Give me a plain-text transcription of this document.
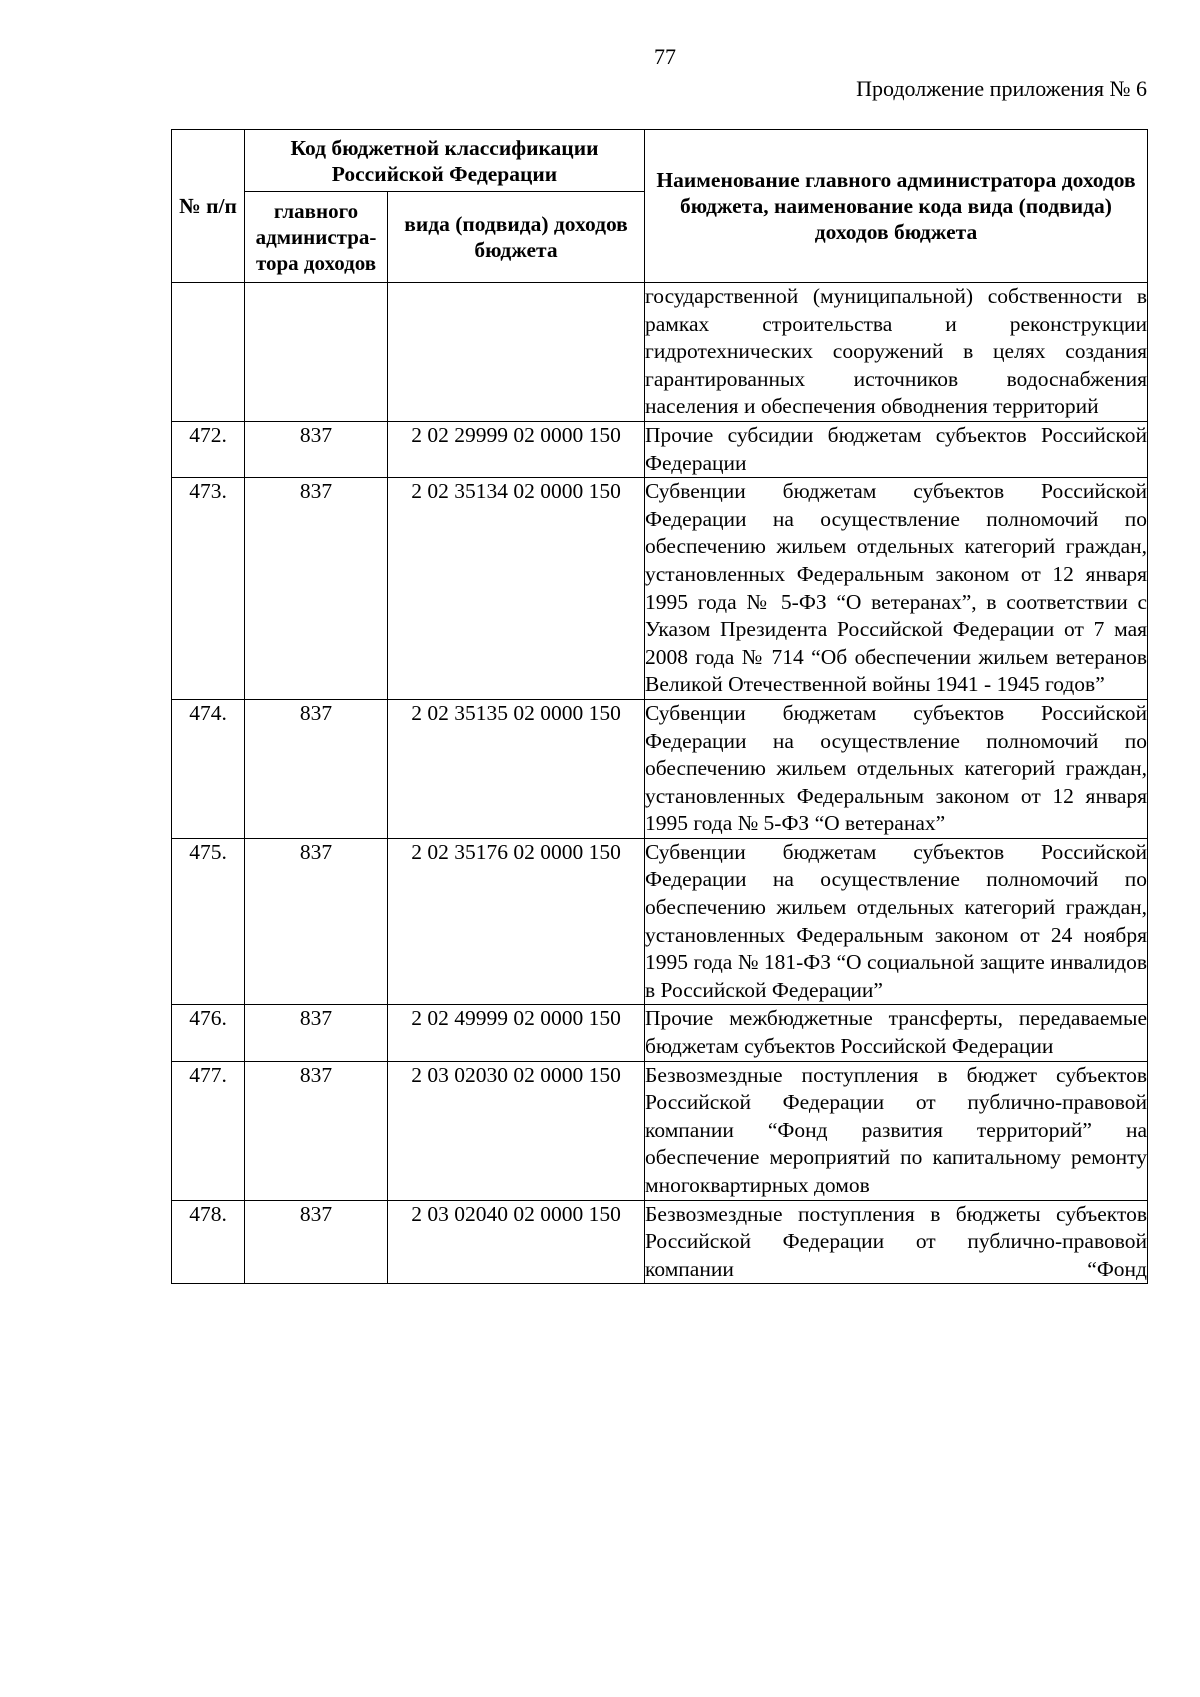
77
Продолжение приложения № 6
№ п/п	Код бюджетной классификации Российской Федерации		Наименование главного администратора доходов бюджета, наименование кода вида (подвида) доходов бюджета
	главного администра-тора доходов	вида (подвида) доходов бюджета	
			государственной (муниципальной) собственности в рамках строительства и реконструкции гидротехнических сооружений в целях создания гарантированных источников водоснабжения населения и обеспечения обводнения территорий
472.	837	2 02 29999 02 0000 150	Прочие субсидии бюджетам субъектов Российской Федерации
473.	837	2 02 35134 02 0000 150	Субвенции бюджетам субъектов Российской Федерации на осуществление полномочий по обеспечению жильем отдельных категорий граждан, установленных Федеральным законом от 12 января 1995 года № 5-ФЗ “О ветеранах”, в соответствии с Указом Президента Российской Федерации от 7 мая 2008 года № 714 “Об обеспечении жильем ветеранов Великой Отечественной войны 1941 - 1945 годов”
474.	837	2 02 35135 02 0000 150	Субвенции бюджетам субъектов Российской Федерации на осуществление полномочий по обеспечению жильем отдельных категорий граждан, установленных Федеральным законом от 12 января 1995 года № 5-ФЗ “О ветеранах”
475.	837	2 02 35176 02 0000 150	Субвенции бюджетам субъектов Российской Федерации на осуществление полномочий по обеспечению жильем отдельных категорий граждан, установленных Федеральным законом от 24 ноября 1995 года № 181-ФЗ “О социальной защите инвалидов в Российской Федерации”
476.	837	2 02 49999 02 0000 150	Прочие межбюджетные трансферты, передаваемые бюджетам субъектов Российской Федерации
477.	837	2 03 02030 02 0000 150	Безвозмездные поступления в бюджет субъектов Российской Федерации от публично-правовой компании “Фонд развития территорий” на обеспечение мероприятий по капитальному ремонту многоквартирных домов
478.	837	2 03 02040 02 0000 150	Безвозмездные поступления в бюджеты субъектов Российской Федерации от публично-правовой компании “Фонд
